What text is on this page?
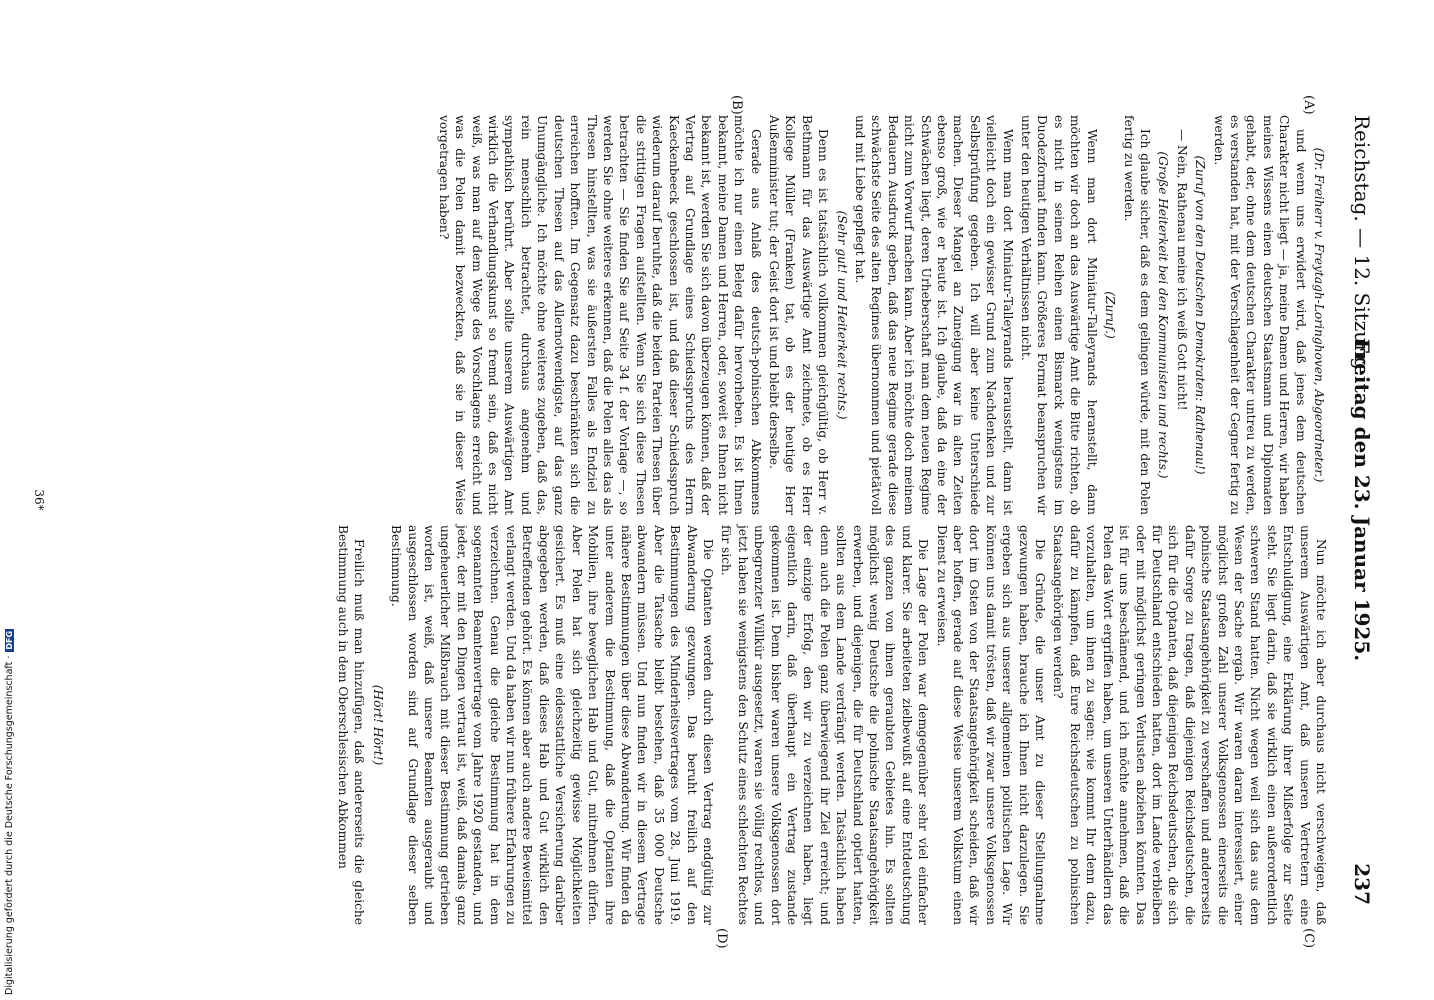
Reichstag. — 12. Sitzung.
Freitag den 23. Januar 1925.
237
(A)
(B)
(C)
(D)

(Dr. Freiherr v. Freytagh-Loringhoven, Abgeordneter.)

und wenn uns erwidert wird, daß jenes dem deutschen Charakter nicht liegt — ja, meine Damen und Herren, wir haben meines Wissens einen deutschen Staatsmann und Diplomaten gehabt, der, ohne dem deutschen Charakter untreu zu werden, es verstanden hat, mit der Verschlagenheit der Gegner fertig zu werden.

(Zuruf von den Deutschen Demokraten: Rathenau!)

— Nein, Rathenau meine ich weiß Gott nicht!

(Große Heiterkeit bei den Kommunisten und rechts.)

Ich glaube sicher, daß es dem gelingen würde, mit den Polen fertig zu werden.

(Zuruf.)

Wenn man dort Miniatur-Talleyrands heranstellt, dann möchten wir doch an das Auswärtige Amt die Bitte richten, ob es nicht in seinen Reihen einen Bismarck wenigstens im Duodezformat finden kann. Größeres Format beanspruchen wir unter den heutigen Verhältnissen nicht.

Wenn man dort Miniatur-Talleyrands herausstellt, dann ist vielleicht doch ein gewisser Grund zum Nachdenken und zur Selbstprüfung gegeben. Ich will aber keine Unterschiede machen. Dieser Mangel an Zuneigung war in alten Zeiten ebenso groß, wie er heute ist. Ich glaube, daß da eine der Schwächen liegt, deren Urheberschaft man dem neuen Regime nicht zum Vorwurf machen kann. Aber ich möchte doch meinem Bedauern Ausdruck geben, daß das neue Regime gerade diese schwächste Seite des alten Regimes übernommen und pietätvoll und mit Liebe gepflegt hat.

(Sehr gut! und Heiterkeit rechts.)

Denn es ist tatsächlich vollkommen gleichgültig, ob Herr v. Bethmann für das Auswärtige Amt zeichnete, ob es Herr Kollege Müller (Franken) tat, ob es der heutige Herr Außenminister tut; der Geist dort ist und bleibt derselbe.

Gerade aus Anlaß des deutsch-polnischen Abkommens möchte ich nur einen Beleg dafür hervorheben. Es ist Ihnen bekannt, meine Damen und Herren, oder, soweit es Ihnen nicht bekannt ist, werden Sie sich davon überzeugen können, daß der Vertrag auf Grundlage eines Schiedsspruchs des Herrn Kaeckenbeeck geschlossen ist, und daß dieser Schiedsspruch wiederum darauf beruhte, daß die beiden Parteien Thesen über die strittigen Fragen aufstellten. Wenn Sie sich diese Thesen betrachten — Sie finden Sie auf Seite 34 f. der Vorlage —, so werden Sie ohne weiteres erkennen, daß die Polen alles das als Thesen hinstellten, was sie äußersten Falles als Endziel zu erreichen hofften. Im Gegensatz dazu beschränkten sich die deutschen Thesen auf das Allernotwendigste, auf das ganz Unumgängliche. Ich möchte ohne weiteres zugeben, daß das, rein menschlich betrachtet, durchaus angenehm und sympathisch berührt. Aber sollte unserem Auswärtigen Amt wirklich die Verhandlungskunst so fremd sein, daß es nicht weiß, was man auf dem Wege des Vorschlagens erreicht und was die Polen damit bezweckten, daß sie in dieser Weise vorgetragen haben?

Nun möchte ich aber durchaus nicht verschweigen, daß unserem Auswärtigen Amt, daß unseren Vertretern eine Entschuldigung, eine Erklärung ihrer Mißerfolge zur Seite steht. Sie liegt darin, daß sie wirklich einen außerordentlich schweren Stand hatten. Nicht wegen weil sich das aus dem Wesen der Sache ergab. Wir waren daran interessiert, einer möglichst großen Zahl unserer Volksgenossen einerseits die polnische Staatsangehörigkeit zu verschaffen und andererseits dafür Sorge zu tragen, daß diejenigen Reichsdeutschen, die sich für die Optanten, daß diejenigen Reichsdeutschen, die sich für Deutschland entschieden hatten, dort im Lande verbleiben oder mit möglichst geringen Verlusten abziehen könnten. Das ist für uns beschämend, und ich möchte annehmen, daß die Polen das Wort ergriffen haben, um unseren Unterhändlern das vorzuhalten, um ihnen zu sagen: wie kommt Ihr denn dazu, dafür zu kämpfen, daß Eure Reichsdeutschen zu polnischen Staatsangehörigen werden?

Die Gründe, die unser Amt zu dieser Stellungnahme gezwungen haben, brauche ich Ihnen nicht darzulegen. Sie ergeben sich aus unserer allgemeinen politischen Lage. Wir können uns damit trösten, daß wir zwar unsere Volksgenossen dort im Osten von der Staatsangehörigkeit scheiden, daß wir aber hoffen, gerade auf diese Weise unserem Volkstum einen Dienst zu erweisen.

Die Lage der Polen war demgegenüber sehr viel einfacher und klarer. Sie arbeiteten zielbewußt auf eine Entdeutschung des ganzen von ihnen geraubten Gebietes hin. Es sollten möglichst wenig Deutsche die polnische Staatsangehörigkeit erwerben, und diejenigen, die für Deutschland optiert hatten, sollten aus dem Lande verdrängt werden. Tatsächlich haben denn auch die Polen ganz überwiegend ihr Ziel erreicht; und der einzige Erfolg, den wir zu verzeichnen haben, liegt eigentlich darin, daß überhaupt ein Vertrag zustande gekommen ist. Denn bisher waren unsere Volksgenossen dort unbegrenzter Willkür ausgesetzt, waren sie völlig rechtlos, und jetzt haben sie wenigstens den Schutz eines schlechten Rechtes für sich.

Die Optanten werden durch diesen Vertrag endgültig zur Abwanderung gezwungen. Das beruht freilich auf den Bestimmungen des Minderheitsvertrages vom 28. Juni 1919. Aber die Tatsache bleibt bestehen, daß 35 000 Deutsche abwandern müssen. Und nun finden wir in diesem Vertrage nähere Bestimmungen über diese Abwanderung. Wir finden da unter anderem die Bestimmung, daß die Optanten ihre Mobilien, ihre beweglichen Hab und Gut, mitnehmen dürfen. Aber Polen hat sich gleichzeitig gewisse Möglichkeiten gesichert. Es muß eine eidesstattliche Versicherung darüber abgegeben werden, daß dieses Hab und Gut wirklich den Betreffenden gehört. Es können aber auch andere Beweismittel verlangt werden. Und da haben wir nun frühere Erfahrungen zu verzeichnen. Genau die gleiche Bestimmung hat in dem sogenannten Beamtenvertrage vom Jahre 1920 gestanden, und jeder, der mit den Dingen vertraut ist, weiß, daß damals ganz ungeheuerlicher Mißbrauch mit dieser Bestimmung getrieben worden ist, weiß, daß unsere Beamten ausgeraubt und ausgeschlossen worden sind auf Grundlage dieser selben Bestimmung.

(Hört! Hört!)

Freilich muß man hinzufügen, daß andererseits die gleiche Bestimmung auch in dem Oberschlesischen Abkommen

36*
Digitalisierung gefördert durch die Deutsche Forschungsgemeinschaft ·DFG
